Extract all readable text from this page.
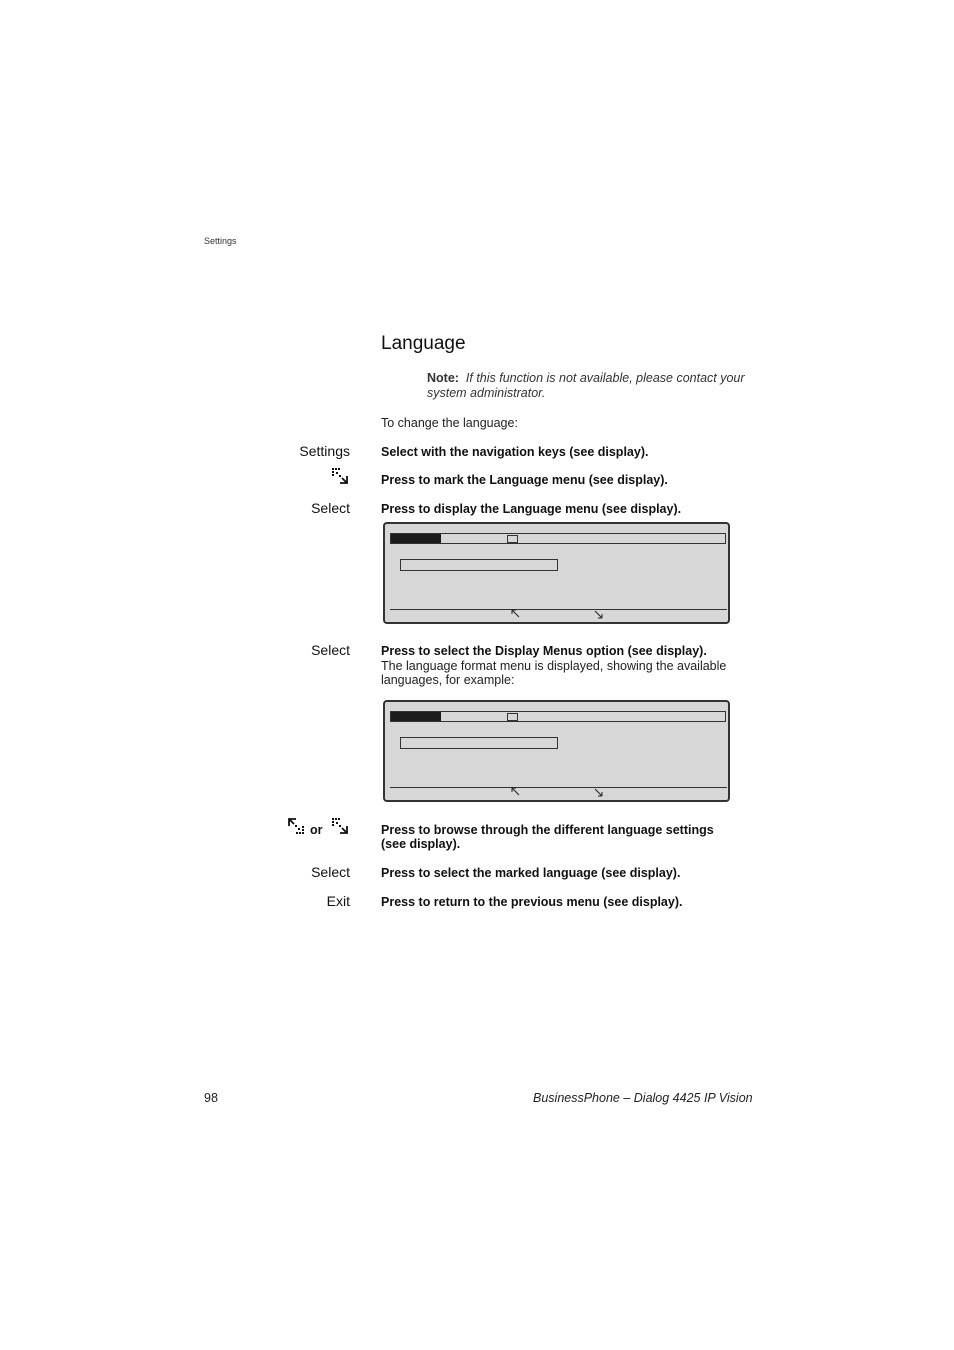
Settings
Language
Note: If this function is not available, please contact your system administrator.
To change the language:
Settings Select with the navigation keys (see display).
Press to mark the Language menu (see display).
Select Press to display the Language menu (see display).
Select Press to select the Display Menus option (see display).
The language format menu is displayed, showing the available languages, for example:
or	Press to browse through the different language settings (see display).
Select Press to select the marked language (see display).
Exit Press to return to the previous menu (see display).
98	BusinessPhone – Dialog 4425 IP Vision
